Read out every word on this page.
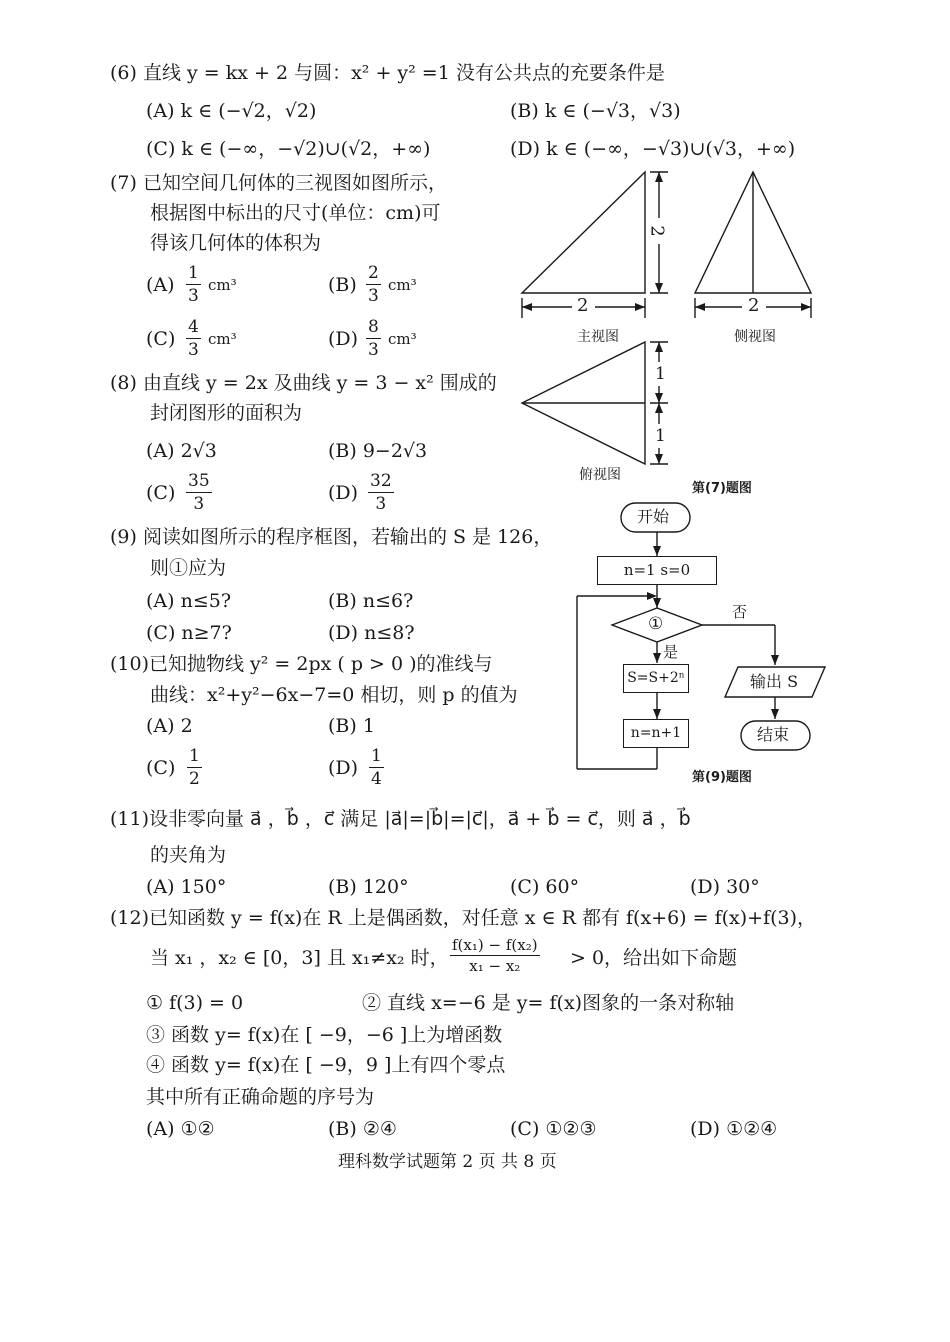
(6) 直线 y = kx + 2 与圆：x² + y² =1 没有公共点的充要条件是
(A) k ∈ (−√2，√2)	(B) k ∈ (−√3，√3)
(C) k ∈ (−∞，−√2)∪(√2，+∞)	(D) k ∈ (−∞，−√3)∪(√3，+∞)
(7) 已知空间几何体的三视图如图所示，
根据图中标出的尺寸(单位：cm)可
得该几何体的体积为
$(A) \frac{1}{3} cm^3$	$(B) \frac{2}{3} cm^3$
$(C) \frac{4}{3} cm^3$	$(D) \frac{8}{3} cm^3$
2
2
2
1
1
主视图	侧视图
俯视图
第(7)题图
(8) 由直线 y = 2x 及曲线 y = 3 − x² 围成的
封闭图形的面积为
(A) 2√3	(B) 9−2√3
$(C) \frac{35}{3}$	$(D) \frac{32}{3}$
(9) 阅读如图所示的程序框图，若输出的 S 是 126，
则①应为
(A) n≤5?	(B) n≤6?
(C) n≥7?	(D) n≤8?
开始
n=1 s=0
①
是
否
S=S+2ⁿ
n=n+1
输出 S
结束
第(9)题图
(10)已知抛物线 y² = 2px ( p > 0 )的准线与
曲线：x²+y²−6x−7=0 相切，则 p 的值为
(A) 2	(B) 1
$(C) \frac{1}{2}$	$(D) \frac{1}{4}$
(11)设非零向量 a⃗ ，b⃗ ，c⃗ 满足 |a⃗|=|b⃗|=|c⃗|，a⃗ + b⃗ = c⃗，则 a⃗ ，b⃗
的夹角为
(A) 150°	(B) 120°	(C) 60°	(D) 30°
(12)已知函数 y = f(x)在 R 上是偶函数，对任意 x ∈ R 都有 f(x+6) = f(x)+f(3)，
当 x₁ ，x₂ ∈ [0，3] 且 x₁≠x₂ 时， $\frac{\text{f(x₁) − f(x₂)}}{\text{x₁ − x₂}} > 0$，给出如下命题
① f(3) = 0	② 直线 x=−6 是 y= f(x)图象的一条对称轴
③ 函数 y= f(x)在 [ −9，−6 ]上为增函数
④ 函数 y= f(x)在 [ −9，9 ]上有四个零点
其中所有正确命题的序号为
(A) ①②	(B) ②④	(C) ①②③	(D) ①②④
理科数学试题第 2 页 共 8 页
